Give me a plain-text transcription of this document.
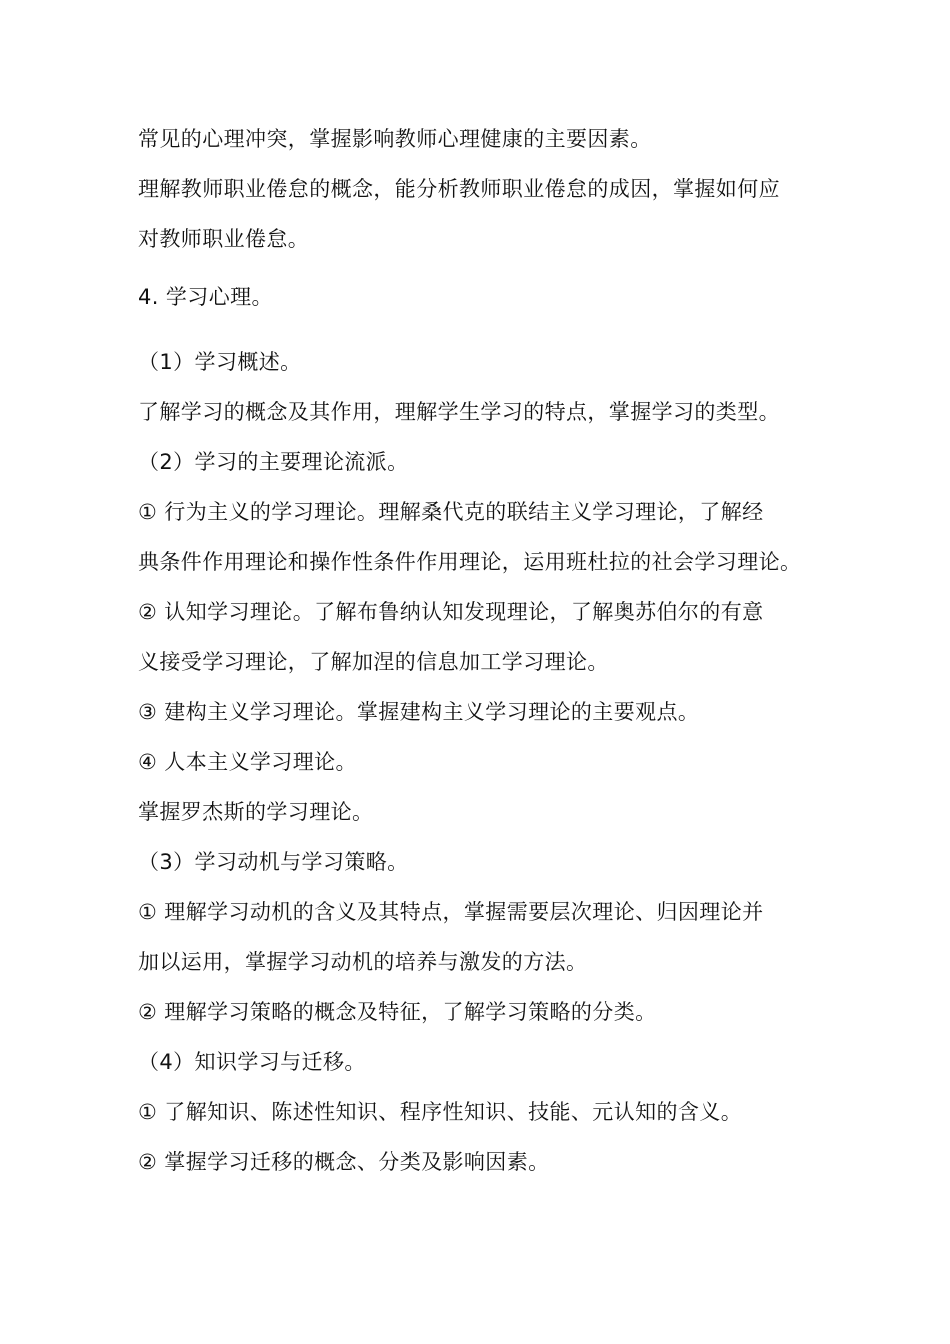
常见的心理冲突，掌握影响教师心理健康的主要因素。
理解教师职业倦怠的概念，能分析教师职业倦怠的成因，掌握如何应
对教师职业倦怠。
4. 学习心理。
（1）学习概述。
了解学习的概念及其作用，理解学生学习的特点，掌握学习的类型。
（2）学习的主要理论流派。
① 行为主义的学习理论。理解桑代克的联结主义学习理论，了解经
典条件作用理论和操作性条件作用理论，运用班杜拉的社会学习理论。
② 认知学习理论。了解布鲁纳认知发现理论，了解奥苏伯尔的有意
义接受学习理论，了解加涅的信息加工学习理论。
③ 建构主义学习理论。掌握建构主义学习理论的主要观点。
④ 人本主义学习理论。
掌握罗杰斯的学习理论。
（3）学习动机与学习策略。
① 理解学习动机的含义及其特点，掌握需要层次理论、归因理论并
加以运用，掌握学习动机的培养与激发的方法。
② 理解学习策略的概念及特征，了解学习策略的分类。
（4）知识学习与迁移。
① 了解知识、陈述性知识、程序性知识、技能、元认知的含义。
② 掌握学习迁移的概念、分类及影响因素。
